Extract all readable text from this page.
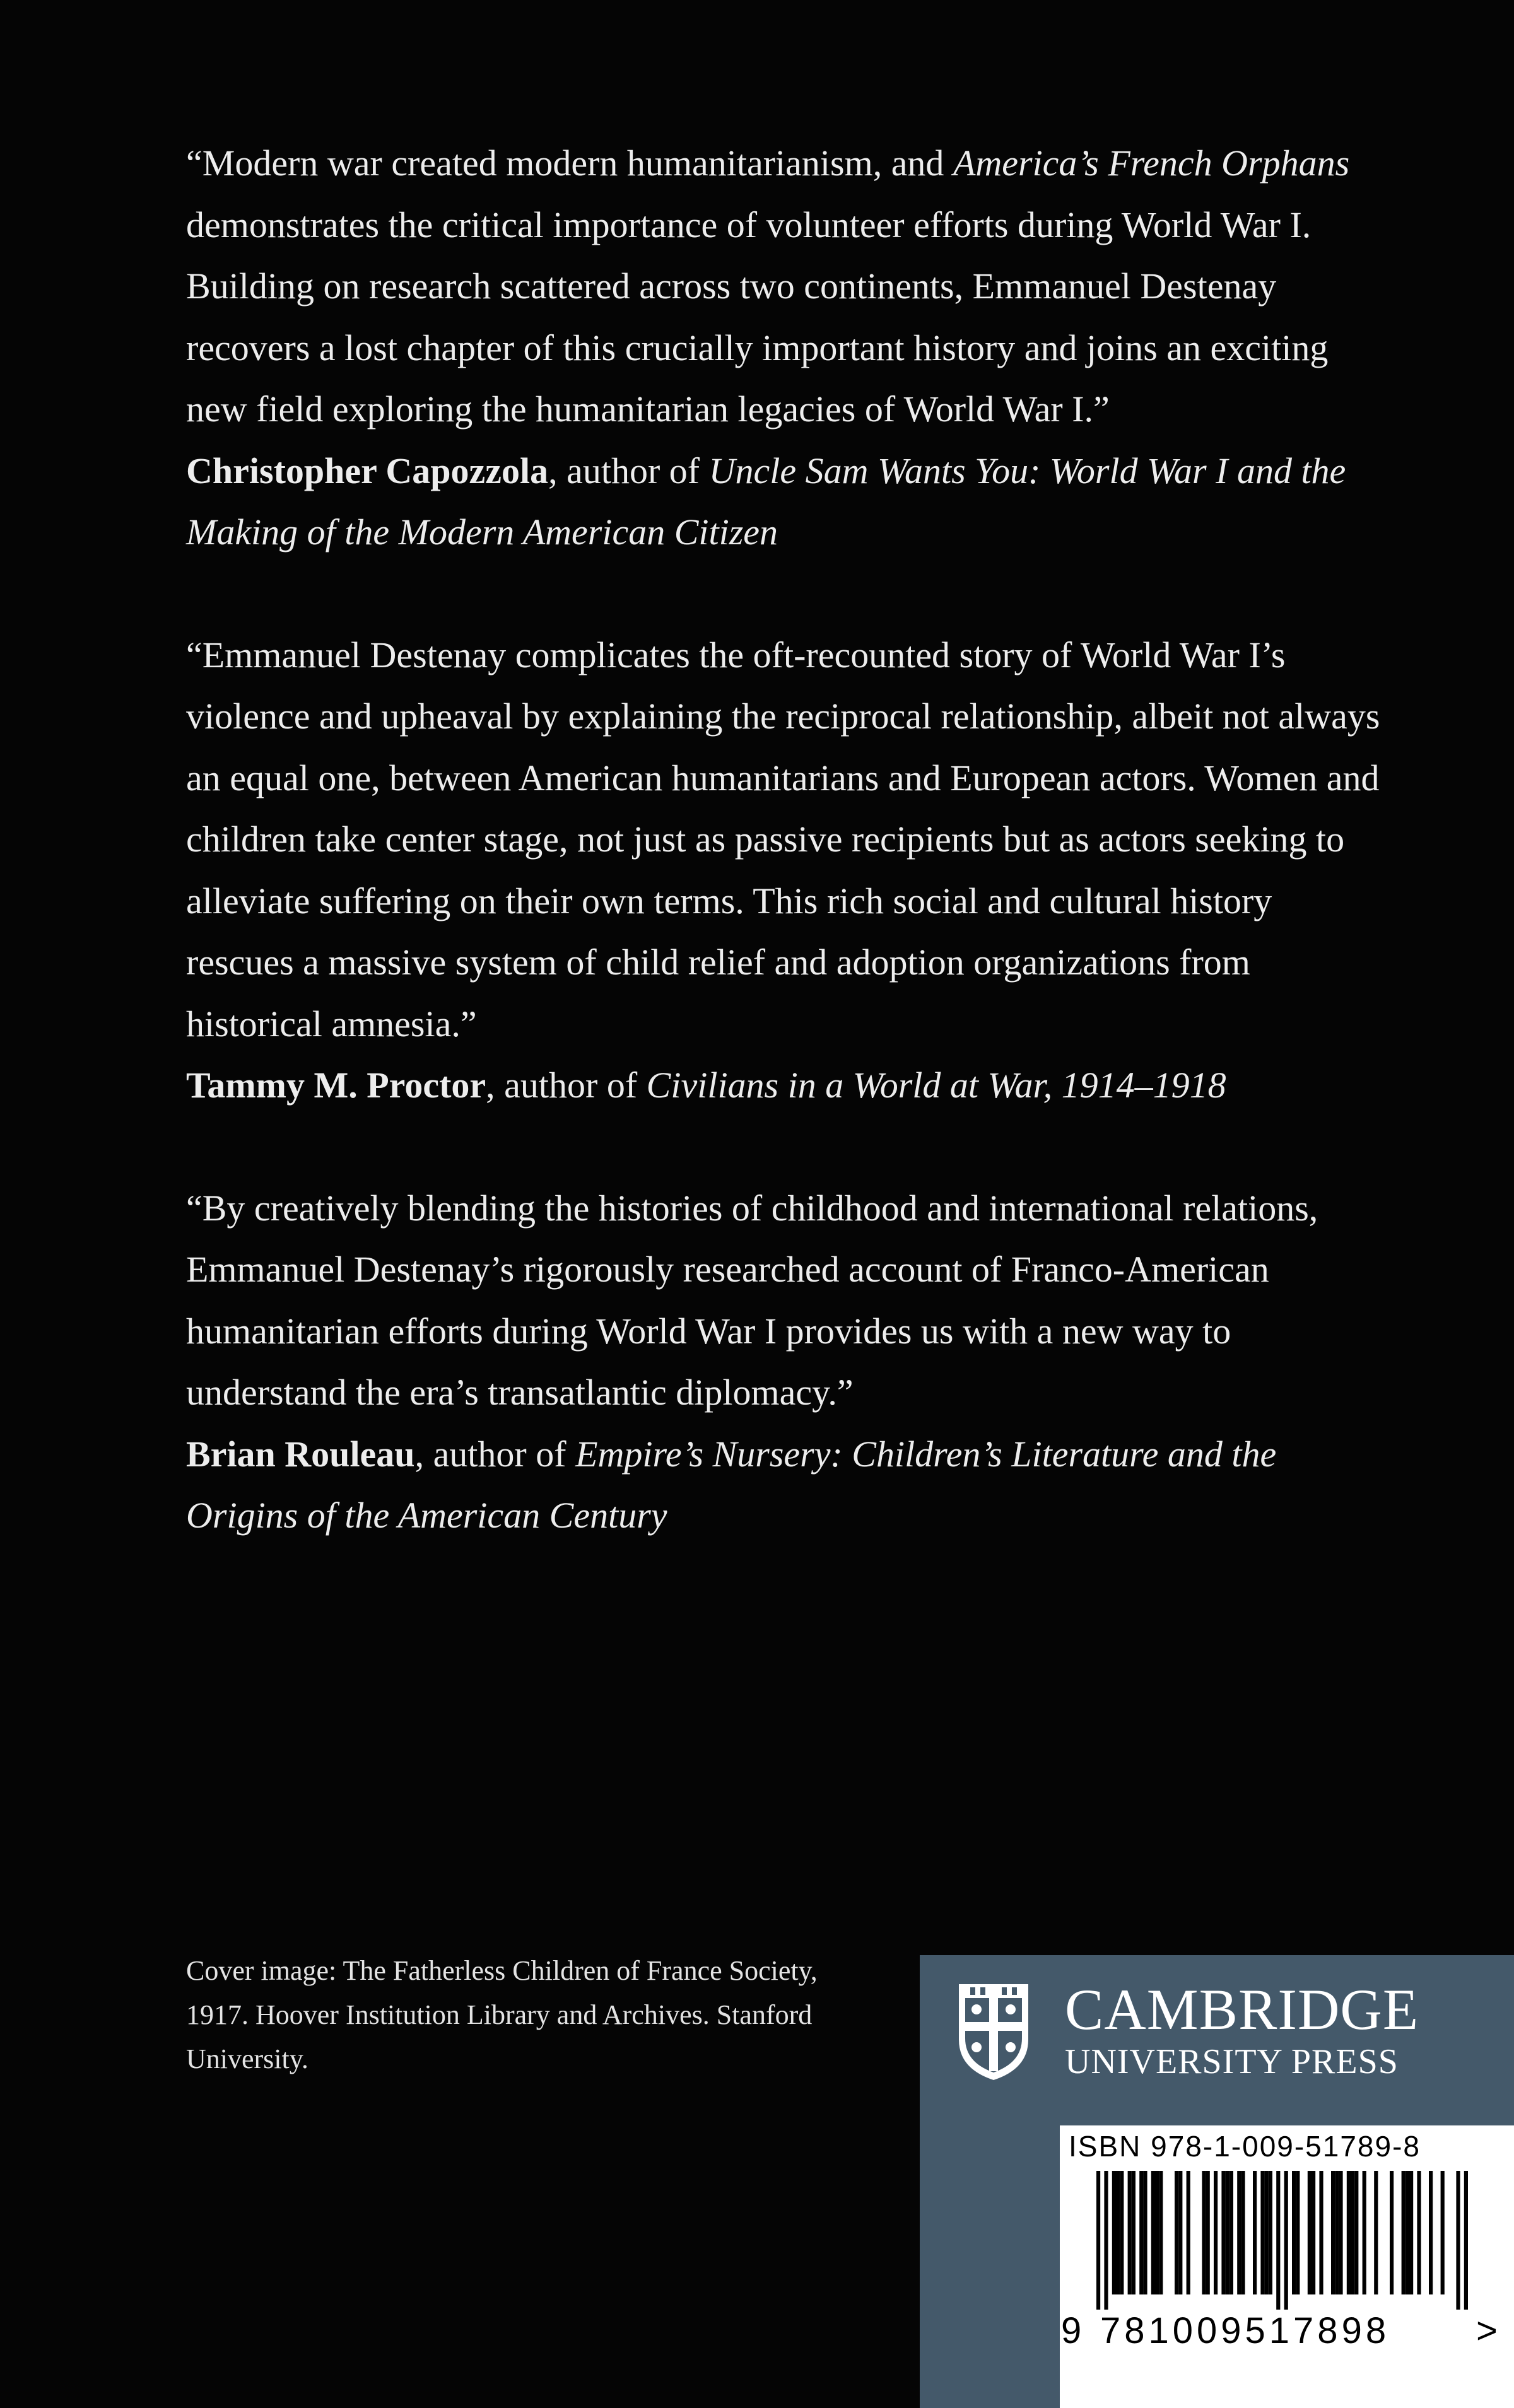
“Modern war created modern humanitarianism, and America’s French Orphans demonstrates the critical importance of volunteer efforts during World War I. Building on research scattered across two continents, Emmanuel Destenay recovers a lost chapter of this crucially important history and joins an exciting new field exploring the humanitarian legacies of World War I.”
Christopher Capozzola, author of Uncle Sam Wants You: World War I and the Making of the Modern American Citizen

“Emmanuel Destenay complicates the oft-recounted story of World War I’s violence and upheaval by explaining the reciprocal relationship, albeit not always an equal one, between American humanitarians and European actors. Women and children take center stage, not just as passive recipients but as actors seeking to alleviate suffering on their own terms. This rich social and cultural history rescues a massive system of child relief and adoption organizations from historical amnesia.”
Tammy M. Proctor, author of Civilians in a World at War, 1914–1918

“By creatively blending the histories of childhood and international relations, Emmanuel Destenay’s rigorously researched account of Franco-American humanitarian efforts during World War I provides us with a new way to understand the era’s transatlantic diplomacy.”
Brian Rouleau, author of Empire’s Nursery: Children’s Literature and the Origins of the American Century

Cover image: The Fatherless Children of France Society, 1917. Hoover Institution Library and Archives. Stanford University.
CAMBRIDGE
UNIVERSITY PRESS
ISBN 978-1-009-51789-8
9 781009517898 >
